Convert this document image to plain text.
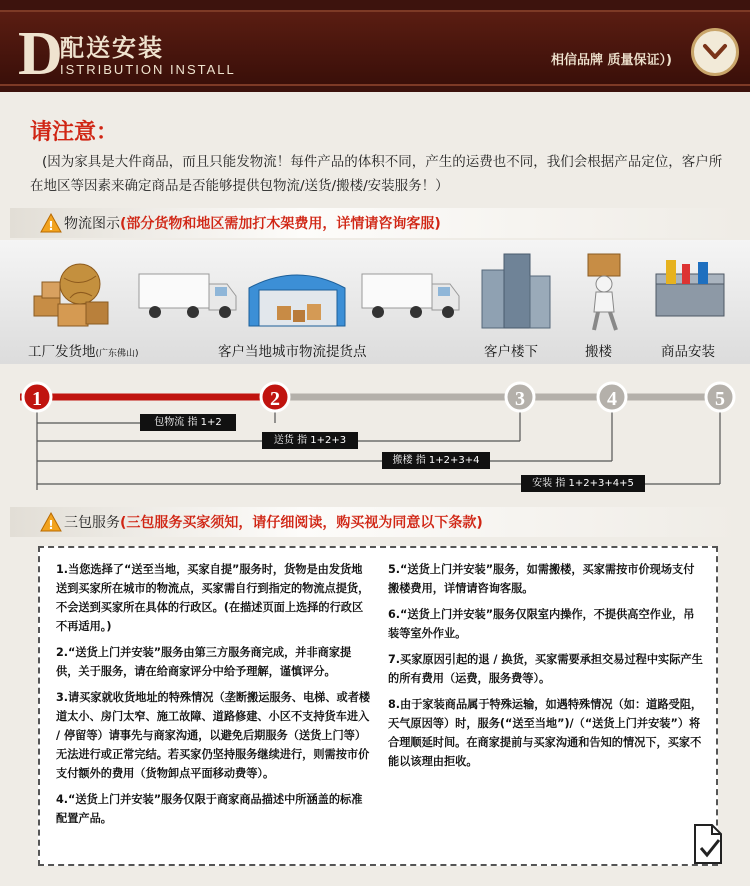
D
配送安装
ISTRIBUTION INSTALL
相信品牌 质量保证）)
请注意：
(因为家具是大件商品，而且只能发物流！每件产品的体积不同，产生的运费也不同，我们会根据产品定位，客户所在地区等因素来确定商品是否能够提供包物流/送货/搬楼/安装服务！）
! 物流图示 (部分货物和地区需加打木架费用，详情请咨询客服)
工厂发货地(广东佛山)	客户当地城市物流提货点	客户楼下	搬楼	商品安装
1	2	3	4	5
包物流 指 1+2
送货 指 1+2+3
搬楼 指 1+2+3+4
安装 指 1+2+3+4+5
! 三包服务 (三包服务买家须知，请仔细阅读，购买视为同意以下条款)

1.当您选择了“送至当地，买家自提”服务时，货物是由发货地送到买家所在城市的物流点，买家需自行到指定的物流点提货，不会送到买家所在具体的行政区。(在描述页面上选择的行政区不再适用。)

2.“送货上门并安装”服务由第三方服务商完成，并非商家提供，关于服务，请在给商家评分中给予理解，谨慎评分。

3.请买家就收货地址的特殊情况（垄断搬运服务、电梯、或者楼道太小、房门太窄、施工故障、道路修建、小区不支持货车进入 / 停留等）请事先与商家沟通，以避免后期服务（送货上门等）无法进行或正常完结。若买家仍坚持服务继续进行，则需按市价支付额外的费用（货物卸点平面移动费等）。

4.“送货上门并安装”服务仅限于商家商品描述中所涵盖的标准配置产品。

5.“送货上门并安装”服务，如需搬楼，买家需按市价现场支付搬楼费用，详情请咨询客服。

6.“送货上门并安装”服务仅限室内操作，不提供高空作业，吊装等室外作业。

7.买家原因引起的退 / 换货，买家需要承担交易过程中实际产生的所有费用（运费，服务费等）。

8.由于家装商品属于特殊运输，如遇特殊情况（如：道路受阻，天气原因等）时，服务(“送至当地”)/（“送货上门并安装”）将合理顺延时间。在商家提前与买家沟通和告知的情况下，买家不能以该理由拒收。
